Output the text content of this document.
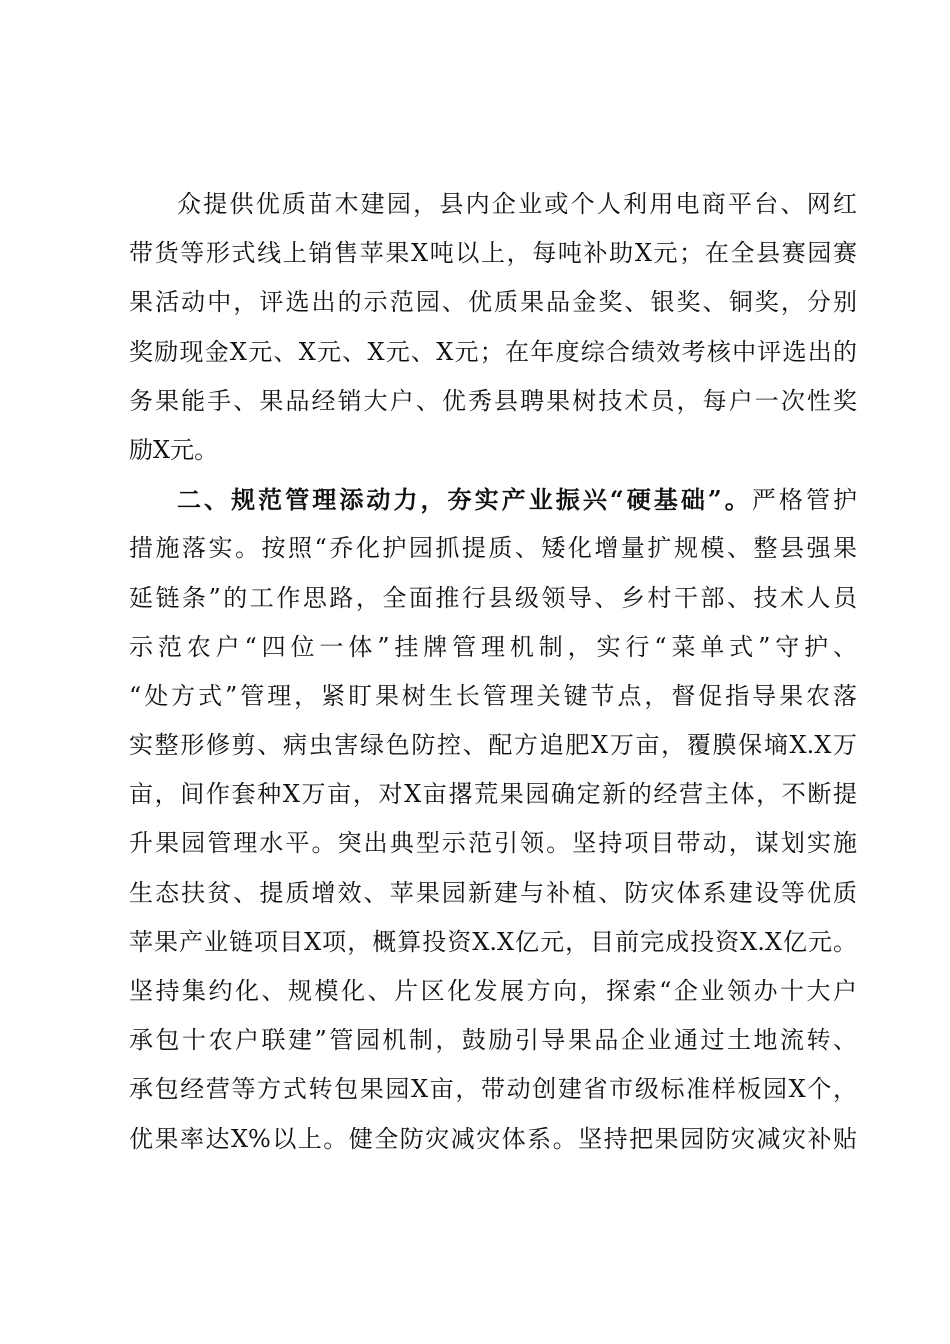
众提供优质苗木建园，县内企业或个人利用电商平台、网红
带货等形式线上销售苹果X吨以上，每吨补助X元；在全县赛园赛
果活动中，评选出的示范园、优质果品金奖、银奖、铜奖，分别
奖励现金X元、X元、X元、X元；在年度综合绩效考核中评选出的
务果能手、果品经销大户、优秀县聘果树技术员，每户一次性奖
励X元。
二、规范管理添动力，夯实产业振兴“硬基础”。严格管护
措施落实。按照“乔化护园抓提质、矮化增量扩规模、整县强果
延链条”的工作思路，全面推行县级领导、乡村干部、技术人员
示范农户“四位一体”挂牌管理机制，实行“菜单式”守护、
“处方式”管理，紧盯果树生长管理关键节点，督促指导果农落
实整形修剪、病虫害绿色防控、配方追肥X万亩，覆膜保墒X.X万
亩，间作套种X万亩，对X亩撂荒果园确定新的经营主体，不断提
升果园管理水平。突出典型示范引领。坚持项目带动，谋划实施
生态扶贫、提质增效、苹果园新建与补植、防灾体系建设等优质
苹果产业链项目X项，概算投资X.X亿元，目前完成投资X.X亿元。
坚持集约化、规模化、片区化发展方向，探索“企业领办十大户
承包十农户联建”管园机制，鼓励引导果品企业通过土地流转、
承包经营等方式转包果园X亩，带动创建省市级标准样板园X个，
优果率达X%以上。健全防灾减灾体系。坚持把果园防灾减灾补贴
